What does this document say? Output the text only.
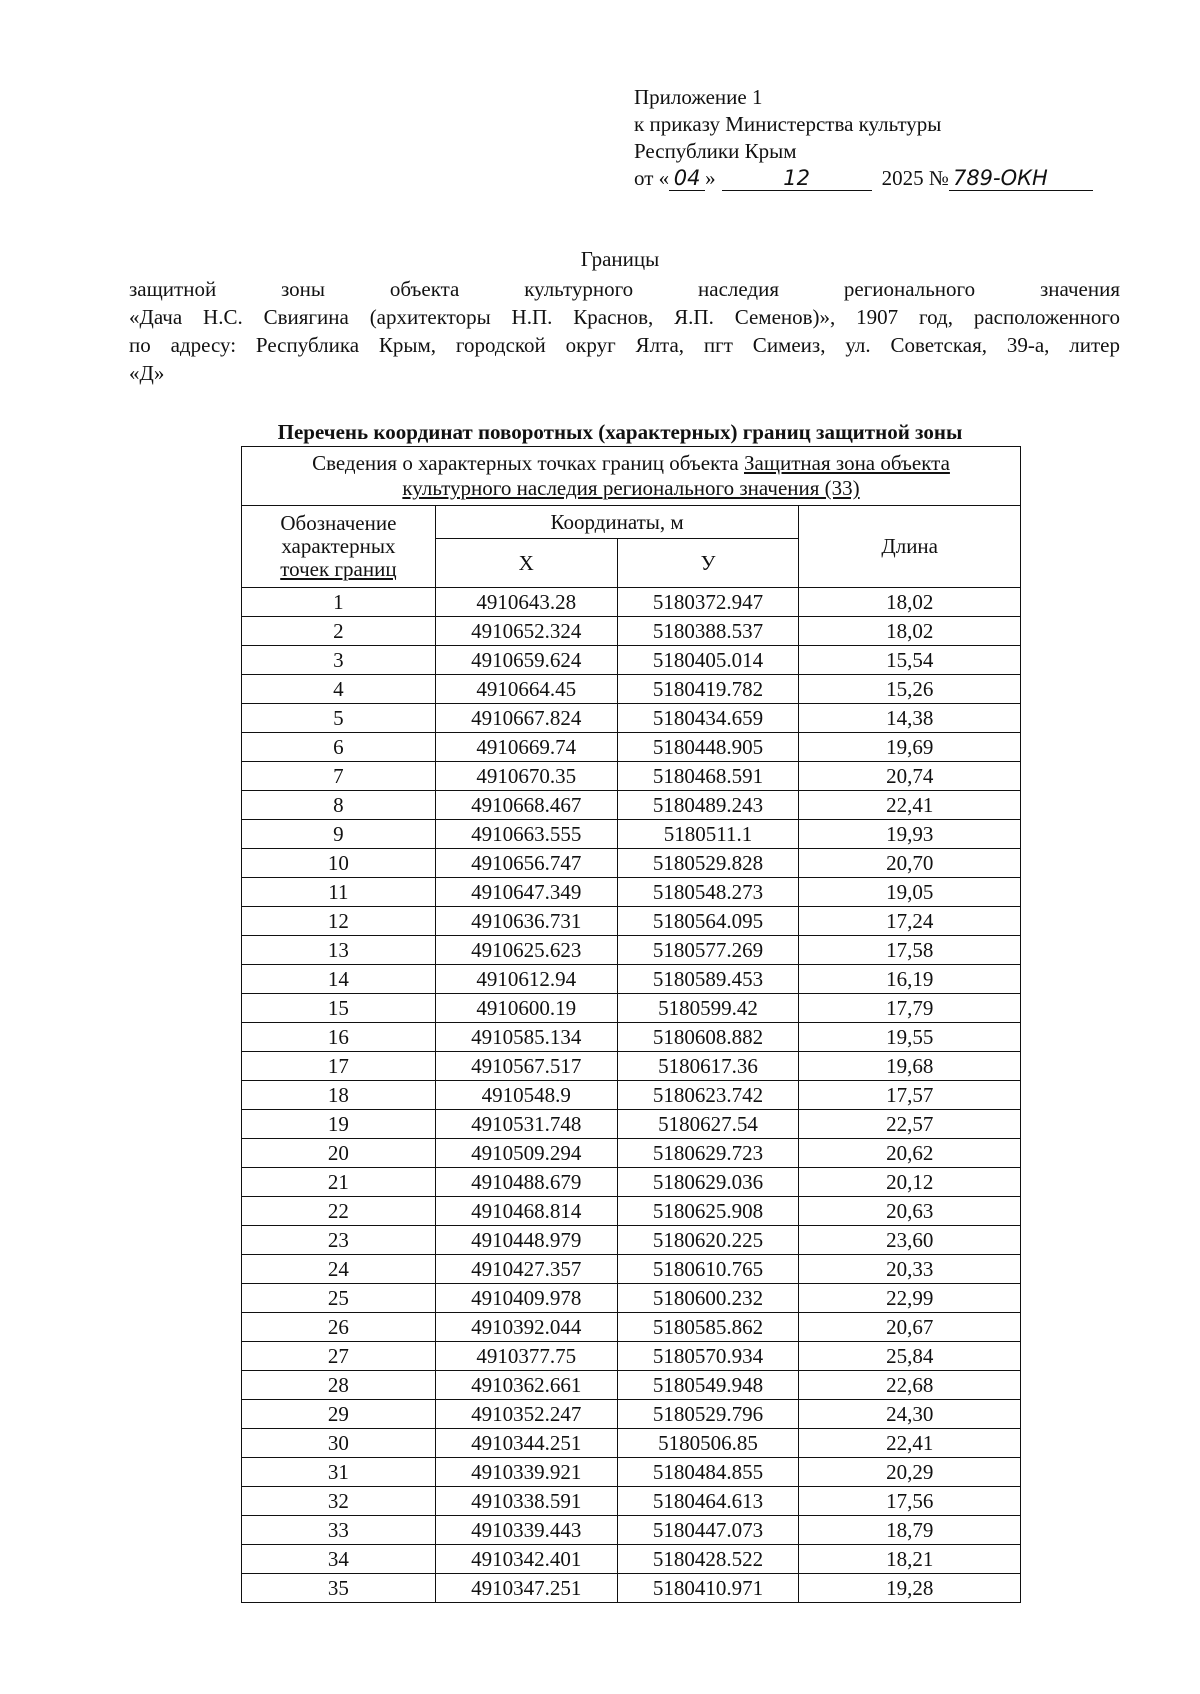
Приложение 1
к приказу Министерства культуры
Республики Крым
от « 04 »	12	2025 № 789-ОКН
Границы
защитной зоны объекта культурного наследия регионального значения
«Дача Н.С. Свиягина (архитекторы Н.П. Краснов, Я.П. Семенов)», 1907 год, расположенного
по адресу: Республика Крым, городской округ Ялта, пгт Симеиз, ул. Советская, 39-а, литер
«Д»
Перечень координат поворотных (характерных) границ защитной зоны
Сведения о характерных точках границ объекта Защитная зона объекта культурного наследия регионального значения (33)			

Обозначение
характерных
точек границ	Координаты, м		Длина
	Х	У	
1	4910643.28	5180372.947	18,02
2	4910652.324	5180388.537	18,02
3	4910659.624	5180405.014	15,54
4	4910664.45	5180419.782	15,26
5	4910667.824	5180434.659	14,38
6	4910669.74	5180448.905	19,69
7	4910670.35	5180468.591	20,74
8	4910668.467	5180489.243	22,41
9	4910663.555	5180511.1	19,93
10	4910656.747	5180529.828	20,70
11	4910647.349	5180548.273	19,05
12	4910636.731	5180564.095	17,24
13	4910625.623	5180577.269	17,58
14	4910612.94	5180589.453	16,19
15	4910600.19	5180599.42	17,79
16	4910585.134	5180608.882	19,55
17	4910567.517	5180617.36	19,68
18	4910548.9	5180623.742	17,57
19	4910531.748	5180627.54	22,57
20	4910509.294	5180629.723	20,62
21	4910488.679	5180629.036	20,12
22	4910468.814	5180625.908	20,63
23	4910448.979	5180620.225	23,60
24	4910427.357	5180610.765	20,33
25	4910409.978	5180600.232	22,99
26	4910392.044	5180585.862	20,67
27	4910377.75	5180570.934	25,84
28	4910362.661	5180549.948	22,68
29	4910352.247	5180529.796	24,30
30	4910344.251	5180506.85	22,41
31	4910339.921	5180484.855	20,29
32	4910338.591	5180464.613	17,56
33	4910339.443	5180447.073	18,79
34	4910342.401	5180428.522	18,21
35	4910347.251	5180410.971	19,28
